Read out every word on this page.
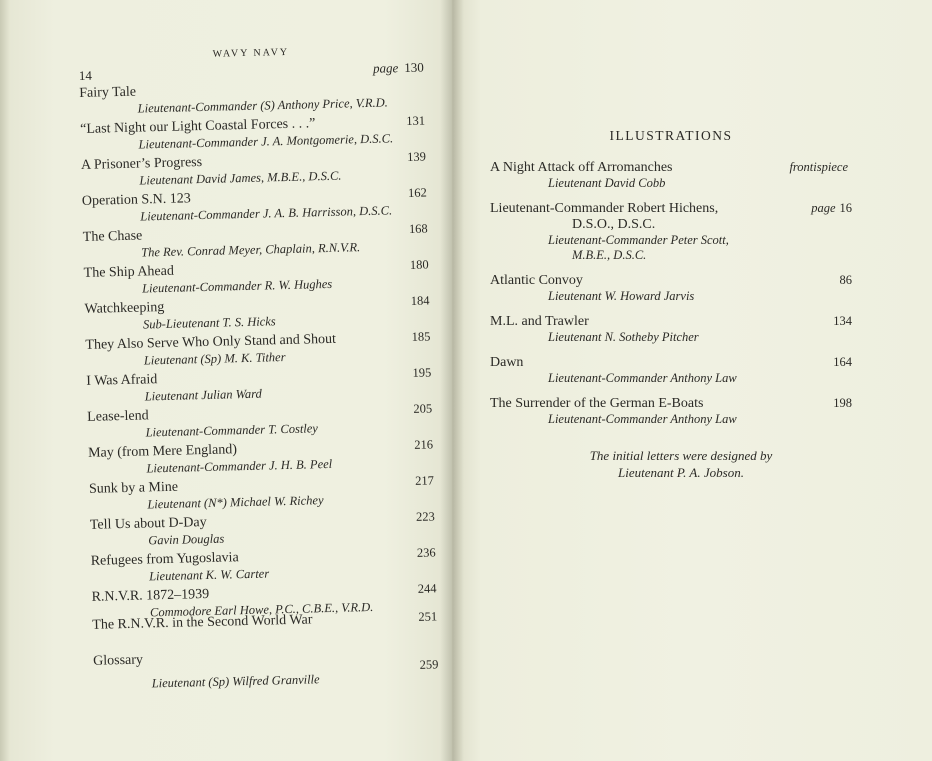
WAVY NAVY
14	page 130
Fairy Tale
Lieutenant-Commander (S) Anthony Price, V.R.D.
“Last Night our Light Coastal Forces . . .”
Lieutenant-Commander J. A. Montgomerie, D.S.C.
131
A Prisoner’s Progress
Lieutenant David James, M.B.E., D.S.C.
139
Operation S.N. 123
Lieutenant-Commander J. A. B. Harrisson, D.S.C.
162
The Chase
The Rev. Conrad Meyer, Chaplain, R.N.V.R.
168
The Ship Ahead
Lieutenant-Commander R. W. Hughes
180
Watchkeeping
Sub-Lieutenant T. S. Hicks
184
They Also Serve Who Only Stand and Shout
Lieutenant (Sp) M. K. Tither
185
I Was Afraid
Lieutenant Julian Ward
195
Lease-lend
Lieutenant-Commander T. Costley
205
May (from Mere England)
Lieutenant-Commander J. H. B. Peel
216
Sunk by a Mine
Lieutenant (N*) Michael W. Richey
217
Tell Us about D-Day
Gavin Douglas
223
Refugees from Yugoslavia
Lieutenant K. W. Carter
236
R.N.V.R. 1872–1939
Commodore Earl Howe, P.C., C.B.E., V.R.D.
244
The R.N.V.R. in the Second World War	251
Glossary
Lieutenant (Sp) Wilfred Granville
259
ILLUSTRATIONS
A Night Attack off Arromanches
Lieutenant David Cobb
frontispiece
Lieutenant-Commander Robert Hichens,
D.S.O., D.S.C.
Lieutenant-Commander Peter Scott,
M.B.E., D.S.C.
page 16
Atlantic Convoy
Lieutenant W. Howard Jarvis
86
M.L. and Trawler
Lieutenant N. Sotheby Pitcher
134
Dawn
Lieutenant-Commander Anthony Law
164
The Surrender of the German E-Boats
Lieutenant-Commander Anthony Law
198
The initial letters were designed by
Lieutenant P. A. Jobson.
